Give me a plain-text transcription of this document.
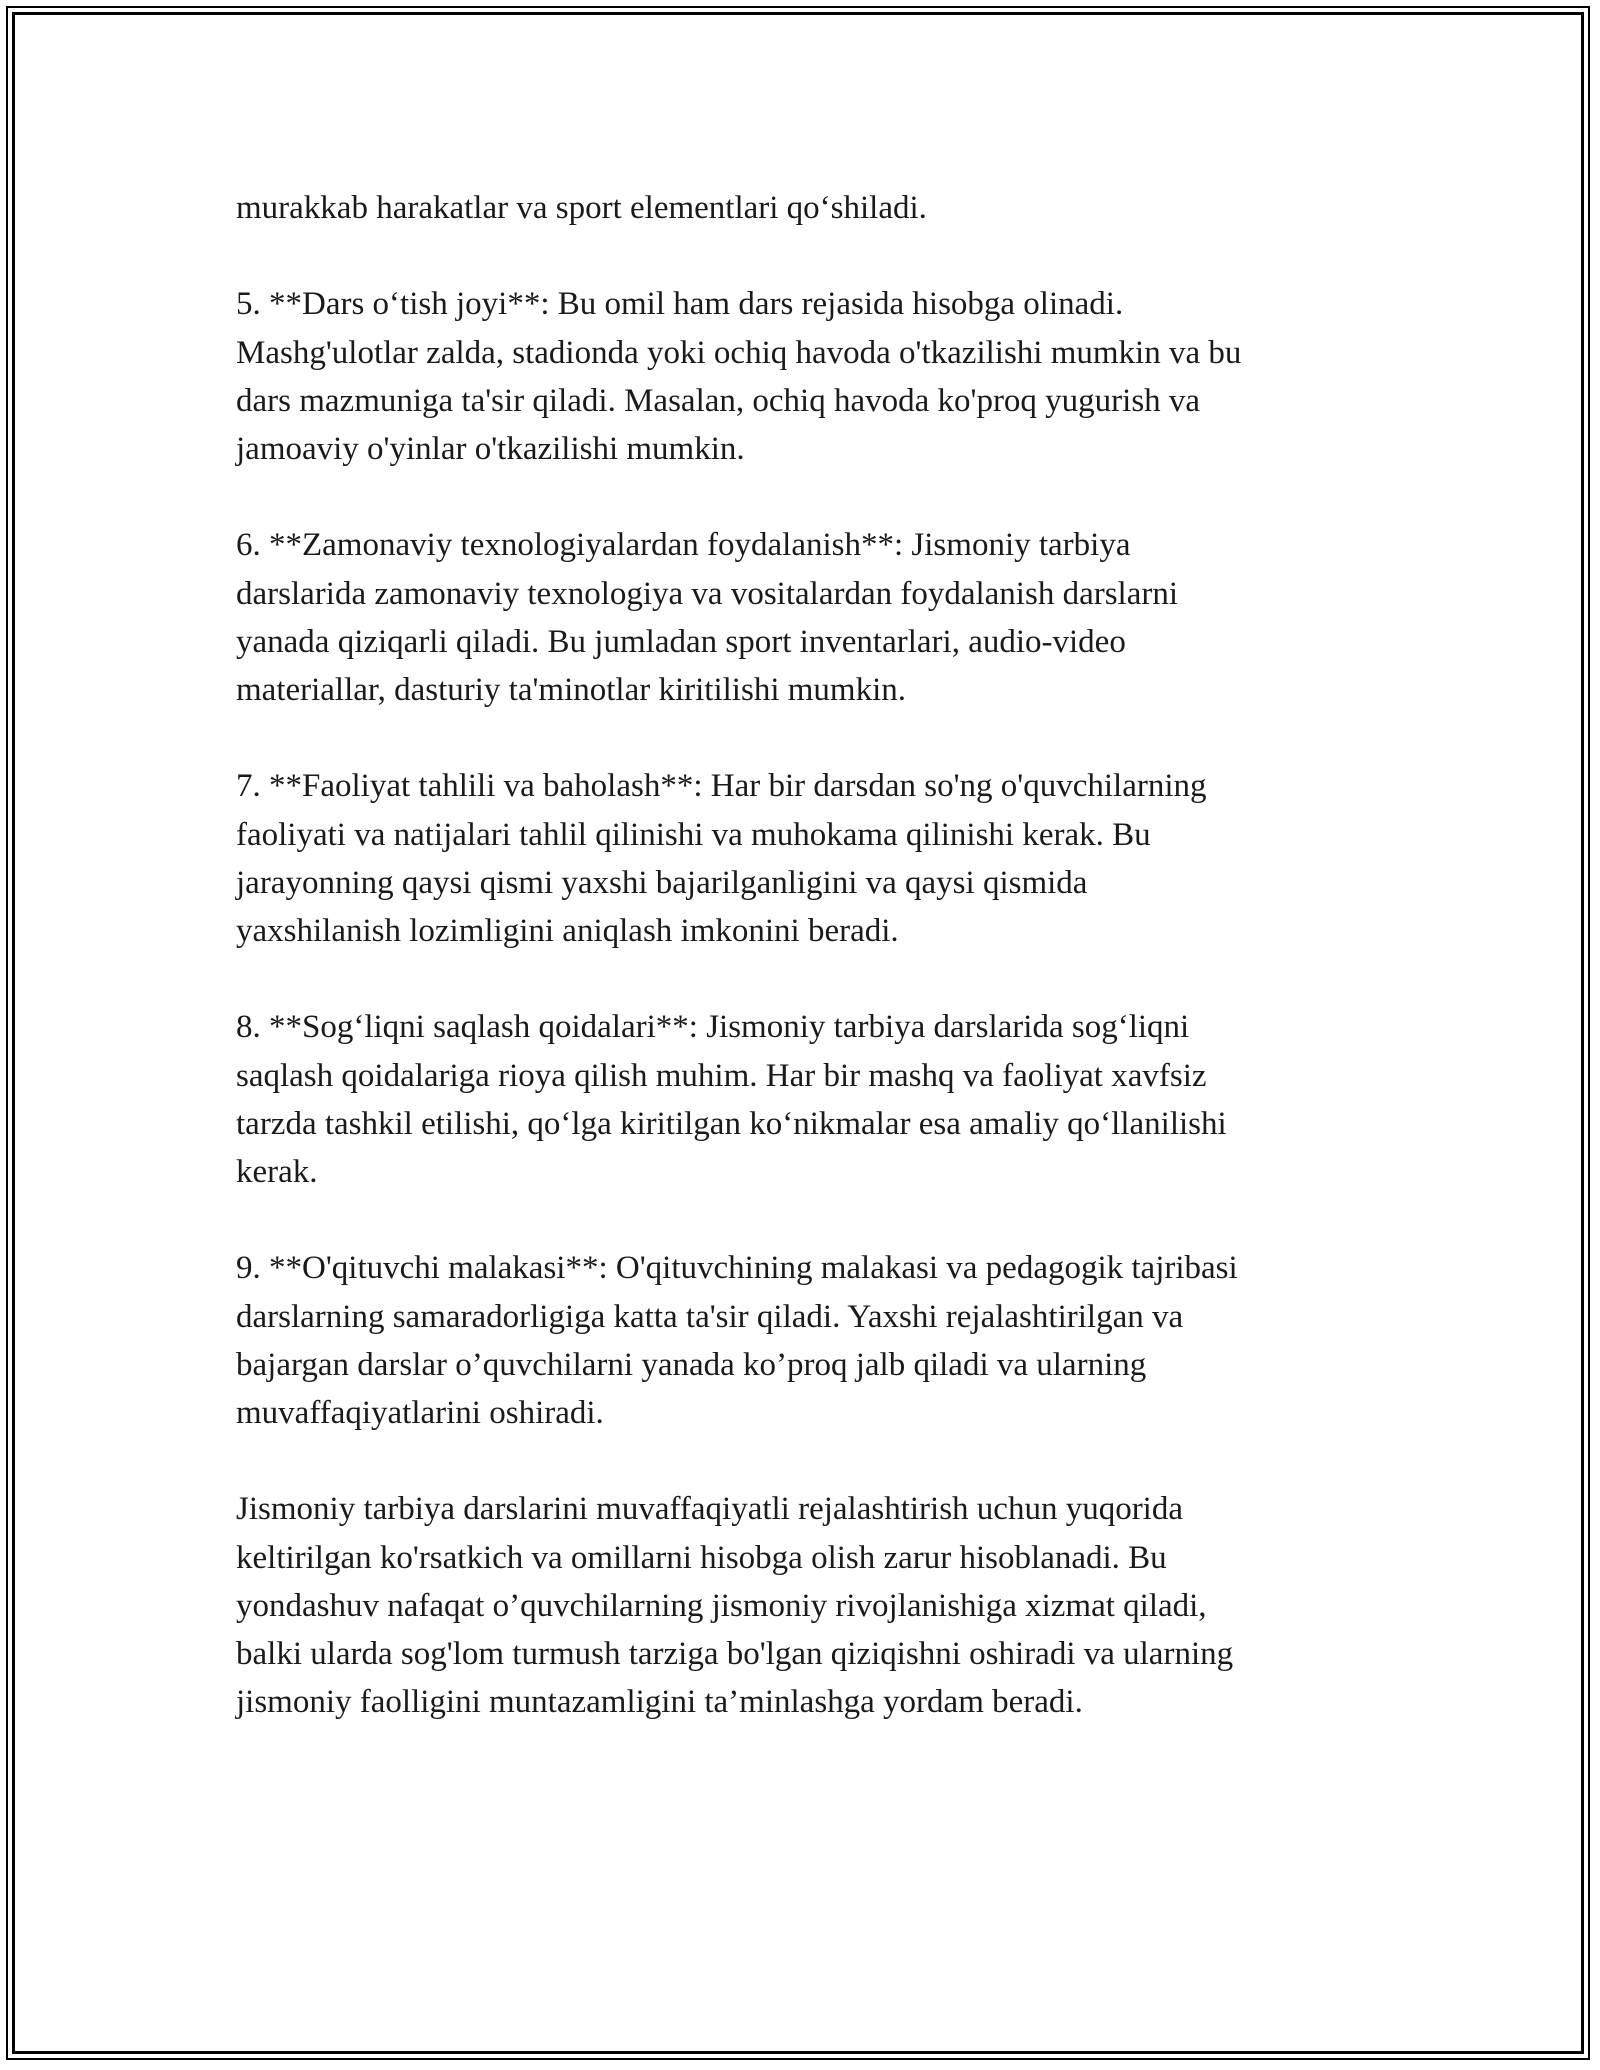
murakkab harakatlar va sport elementlari qo‘shiladi.

5. **Dars o‘tish joyi**: Bu omil ham dars rejasida hisobga olinadi.
Mashg'ulotlar zalda, stadionda yoki ochiq havoda o'tkazilishi mumkin va bu
dars mazmuniga ta'sir qiladi. Masalan, ochiq havoda ko'proq yugurish va
jamoaviy o'yinlar o'tkazilishi mumkin.

6. **Zamonaviy texnologiyalardan foydalanish**: Jismoniy tarbiya
darslarida zamonaviy texnologiya va vositalardan foydalanish darslarni
yanada qiziqarli qiladi. Bu jumladan sport inventarlari, audio-video
materiallar, dasturiy ta'minotlar kiritilishi mumkin.

7. **Faoliyat tahlili va baholash**: Har bir darsdan so'ng o'quvchilarning
faoliyati va natijalari tahlil qilinishi va muhokama qilinishi kerak. Bu
jarayonning qaysi qismi yaxshi bajarilganligini va qaysi qismida
yaxshilanish lozimligini aniqlash imkonini beradi.

8. **Sog‘liqni saqlash qoidalari**: Jismoniy tarbiya darslarida sog‘liqni
saqlash qoidalariga rioya qilish muhim. Har bir mashq va faoliyat xavfsiz
tarzda tashkil etilishi, qo‘lga kiritilgan ko‘nikmalar esa amaliy qo‘llanilishi
kerak.

9. **O'qituvchi malakasi**: O'qituvchining malakasi va pedagogik tajribasi
darslarning samaradorligiga katta ta'sir qiladi. Yaxshi rejalashtirilgan va
bajargan darslar o’quvchilarni yanada ko’proq jalb qiladi va ularning
muvaffaqiyatlarini oshiradi.

Jismoniy tarbiya darslarini muvaffaqiyatli rejalashtirish uchun yuqorida
keltirilgan ko'rsatkich va omillarni hisobga olish zarur hisoblanadi. Bu
yondashuv nafaqat o’quvchilarning jismoniy rivojlanishiga xizmat qiladi,
balki ularda sog'lom turmush tarziga bo'lgan qiziqishni oshiradi va ularning
jismoniy faolligini muntazamligini ta’minlashga yordam beradi.
